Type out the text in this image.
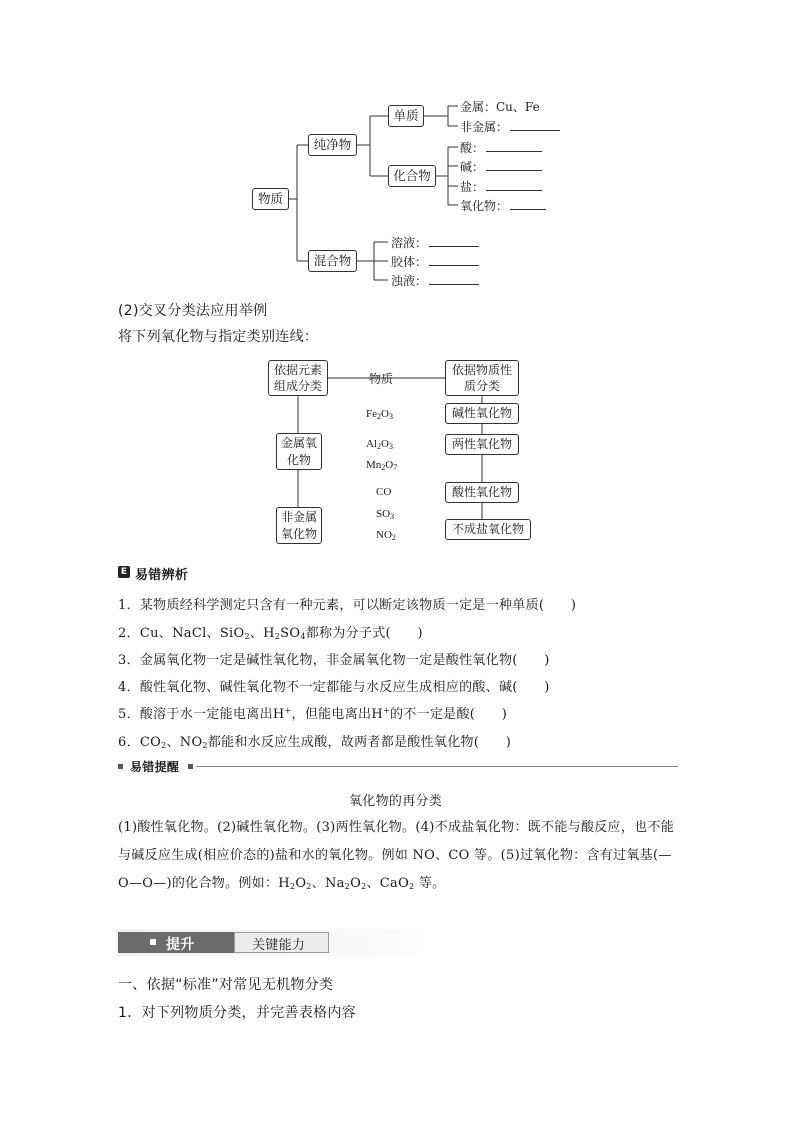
物质
纯净物
混合物
单质
化合物
金属：Cu、Fe
非金属：
酸：
碱：
盐：
氧化物：
溶液：
胶体：
浊液：
(2)交叉分类法应用举例
将下列氧化物与指定类别连线：
依据元素组成分类	物质
依据物质性质分类
金属氧化物
非金属氧化物
碱性氧化物
两性氧化物
酸性氧化物
不成盐氧化物
$Fe_2O_3$
$Al_2O_3$
$Mn_2O_7$
CO
$SO_3$
$NO_2$
E 易错辨析
1．某物质经科学测定只含有一种元素，可以断定该物质一定是一种单质(　　)
2．Cu、NaCl、SiO$_2$、$H_2SO_4$都称为分子式(　　)
3．金属氧化物一定是碱性氧化物，非金属氧化物一定是酸性氧化物(　　)
4．酸性氧化物、碱性氧化物不一定都能与水反应生成相应的酸、碱(　　)
5．酸溶于水一定能电离出H+，但能电离出H+的不一定是酸(　　)
6．$CO_2$、$NO_2$都能和水反应生成酸，故两者都是酸性氧化物(　　)
易错提醒
氧化物的再分类
(1)酸性氧化物。(2)碱性氧化物。(3)两性氧化物。(4)不成盐氧化物：既不能与酸反应，也不能与碱反应生成(相应价态的)盐和水的氧化物。例如 NO、CO 等。(5)过氧化物：含有过氧基(—O—O—)的化合物。例如：$H_2O_2$、$Na_2O_2$、CaO$_2$ 等。
提升	关键能力
一、依据“标准”对常见无机物分类
1．对下列物质分类，并完善表格内容
